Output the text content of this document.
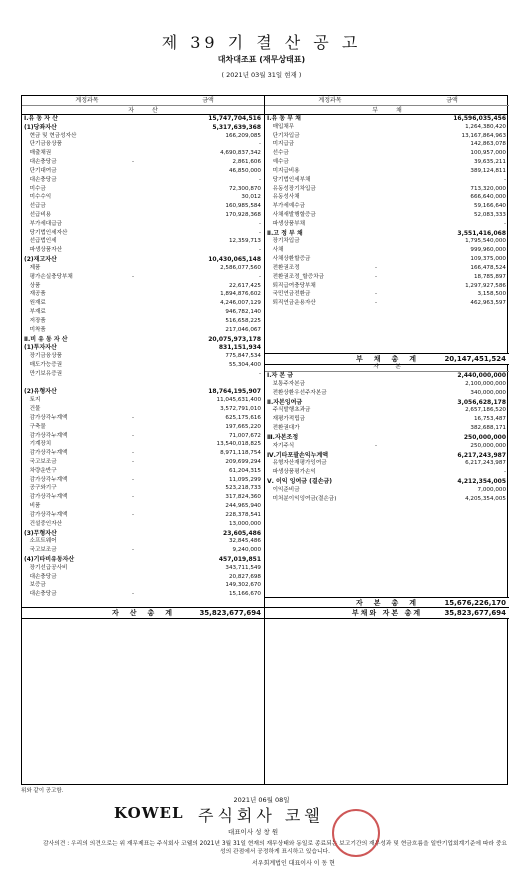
제 39 기 결 산 공 고
대차대조표 (재무상태표)
( 2021년 03월 31일 현재 )
계정과목	금액	계정과목	금액
자　　　산	부　　　채
Ⅰ.유 동 자 산	15,747,704,516
(1)당좌자산	5,317,639,368
　현금 및 현금성자산	166,209,085
　단기금융상품	-
　매출채권	4,690,837,342
　대손충당금	-	2,861,606
　단기대여금	46,850,000
　대손충당금	-
　미수금	72,300,870
　미수수익	30,012
　선급금	160,985,584
　선급비용	170,928,368
　부가세대급금	-
　당기법인세자산	-
　선급법인세	12,359,713
　파생상품자산	-
(2)재고자산	10,430,065,148
　제품	2,586,077,560
　평가손실충당부채	-	-
　상품	22,617,425
　재공품	1,894,876,602
　원재료	4,246,007,129
　부재료	946,782,140
　저장품	516,658,225
　미착품	217,046,067
Ⅱ.비 유 동 자 산	20,075,973,178
(1)투자자산	831,151,934
　장기금융상품	775,847,534
　매도가능증권	55,304,400
　만기보유증권	-
(2)유형자산	18,764,195,907
　토지	11,045,631,400
　건물	3,572,791,010
　감가상각누계액	-	625,175,616
　구축물	197,665,220
　감가상각누계액	-	71,007,672
　기계장치	13,540,018,825
　감가상각누계액	-	8,971,118,754
　국고보조금	-	209,699,294
　차량운반구	61,204,315
　감가상각누계액	-	11,095,299
　공구와기구	523,218,733
　감가상각누계액	-	317,824,360
　비품	244,965,940
　감가상각누계액	-	228,378,541
　건설중인자산	13,000,000
(3)무형자산	23,605,486
　소프트웨어	32,845,486
　국고보조금	-	9,240,000
(4)기타비유동자산	457,019,851
　장기선급공사비	343,711,549
　대손충당금	20,827,698
　보증금	149,302,670
　대손충당금	-	15,166,670
Ⅰ.유 동 부 채	16,596,035,456
　매입채무	1,264,380,420
　단기차입금	13,167,864,963
　미지급금	142,863,078
　선수금	100,957,000
　예수금	39,635,211
　미지급비용	389,124,811
　당기법인세부채	-
　유동성장기차입금	713,320,000
　유동성사채	666,640,000
　부가세예수금	59,166,640
　사채새발행할증금	52,083,333
　파생상품부채	-
Ⅱ.고 정 부 채	3,551,416,068
　장기차입금	1,795,540,000
　사채	999,960,000
　사채상환할증금	109,375,000
　전환권조정	-	166,478,524
　전환권조정_할증차금	-	18,785,897
　퇴직급여충당부채	1,297,927,586
　국민연금전환금	-	3,158,500
　퇴직연금운용자산	-	462,963,597
부　채　총　계	20,147,451,524
자　　　본
Ⅰ.자 본 금	2,440,000,000
　보통주자본금	2,100,000,000
　전환상환우선주자본금	340,000,000
Ⅱ.자본잉여금	3,056,628,178
　주식발행초과금	2,657,186,520
　재평가적립금	16,753,487
　전환권대가	382,688,171
Ⅲ.자본조정	250,000,000
　자기주식	-	250,000,000
Ⅳ.기타포괄손익누계액	6,217,243,987
　유형자산재평가잉여금	6,217,243,987
　파생상품평가손익	-
Ⅴ. 이익 잉여금 (결손금)	4,212,354,005
　이익준비금	7,000,000
　미처분이익잉여금(결손금)	4,205,354,005
자　본　총　계	15,676,226,170
자　산　총　계	35,823,677,694	부채와 자본 총계	35,823,677,694
위와 같이 공고함.
2021년 06월 08일
KOWEL 주식회사 코웰
대표이사 성 창 원
감사의견 : 우리의 의견으로는 위 재무제표는 주식회사 코웰의 2021년 3월 31일 현재의 재무상태와 동일로 종료되는 보고기간의 재무성과 및 현금흐름을 일반기업회계기준에 따라 중요성의 관점에서 공정하게 표시하고 있습니다.
서우회계법인 대표이사 이 동 현
